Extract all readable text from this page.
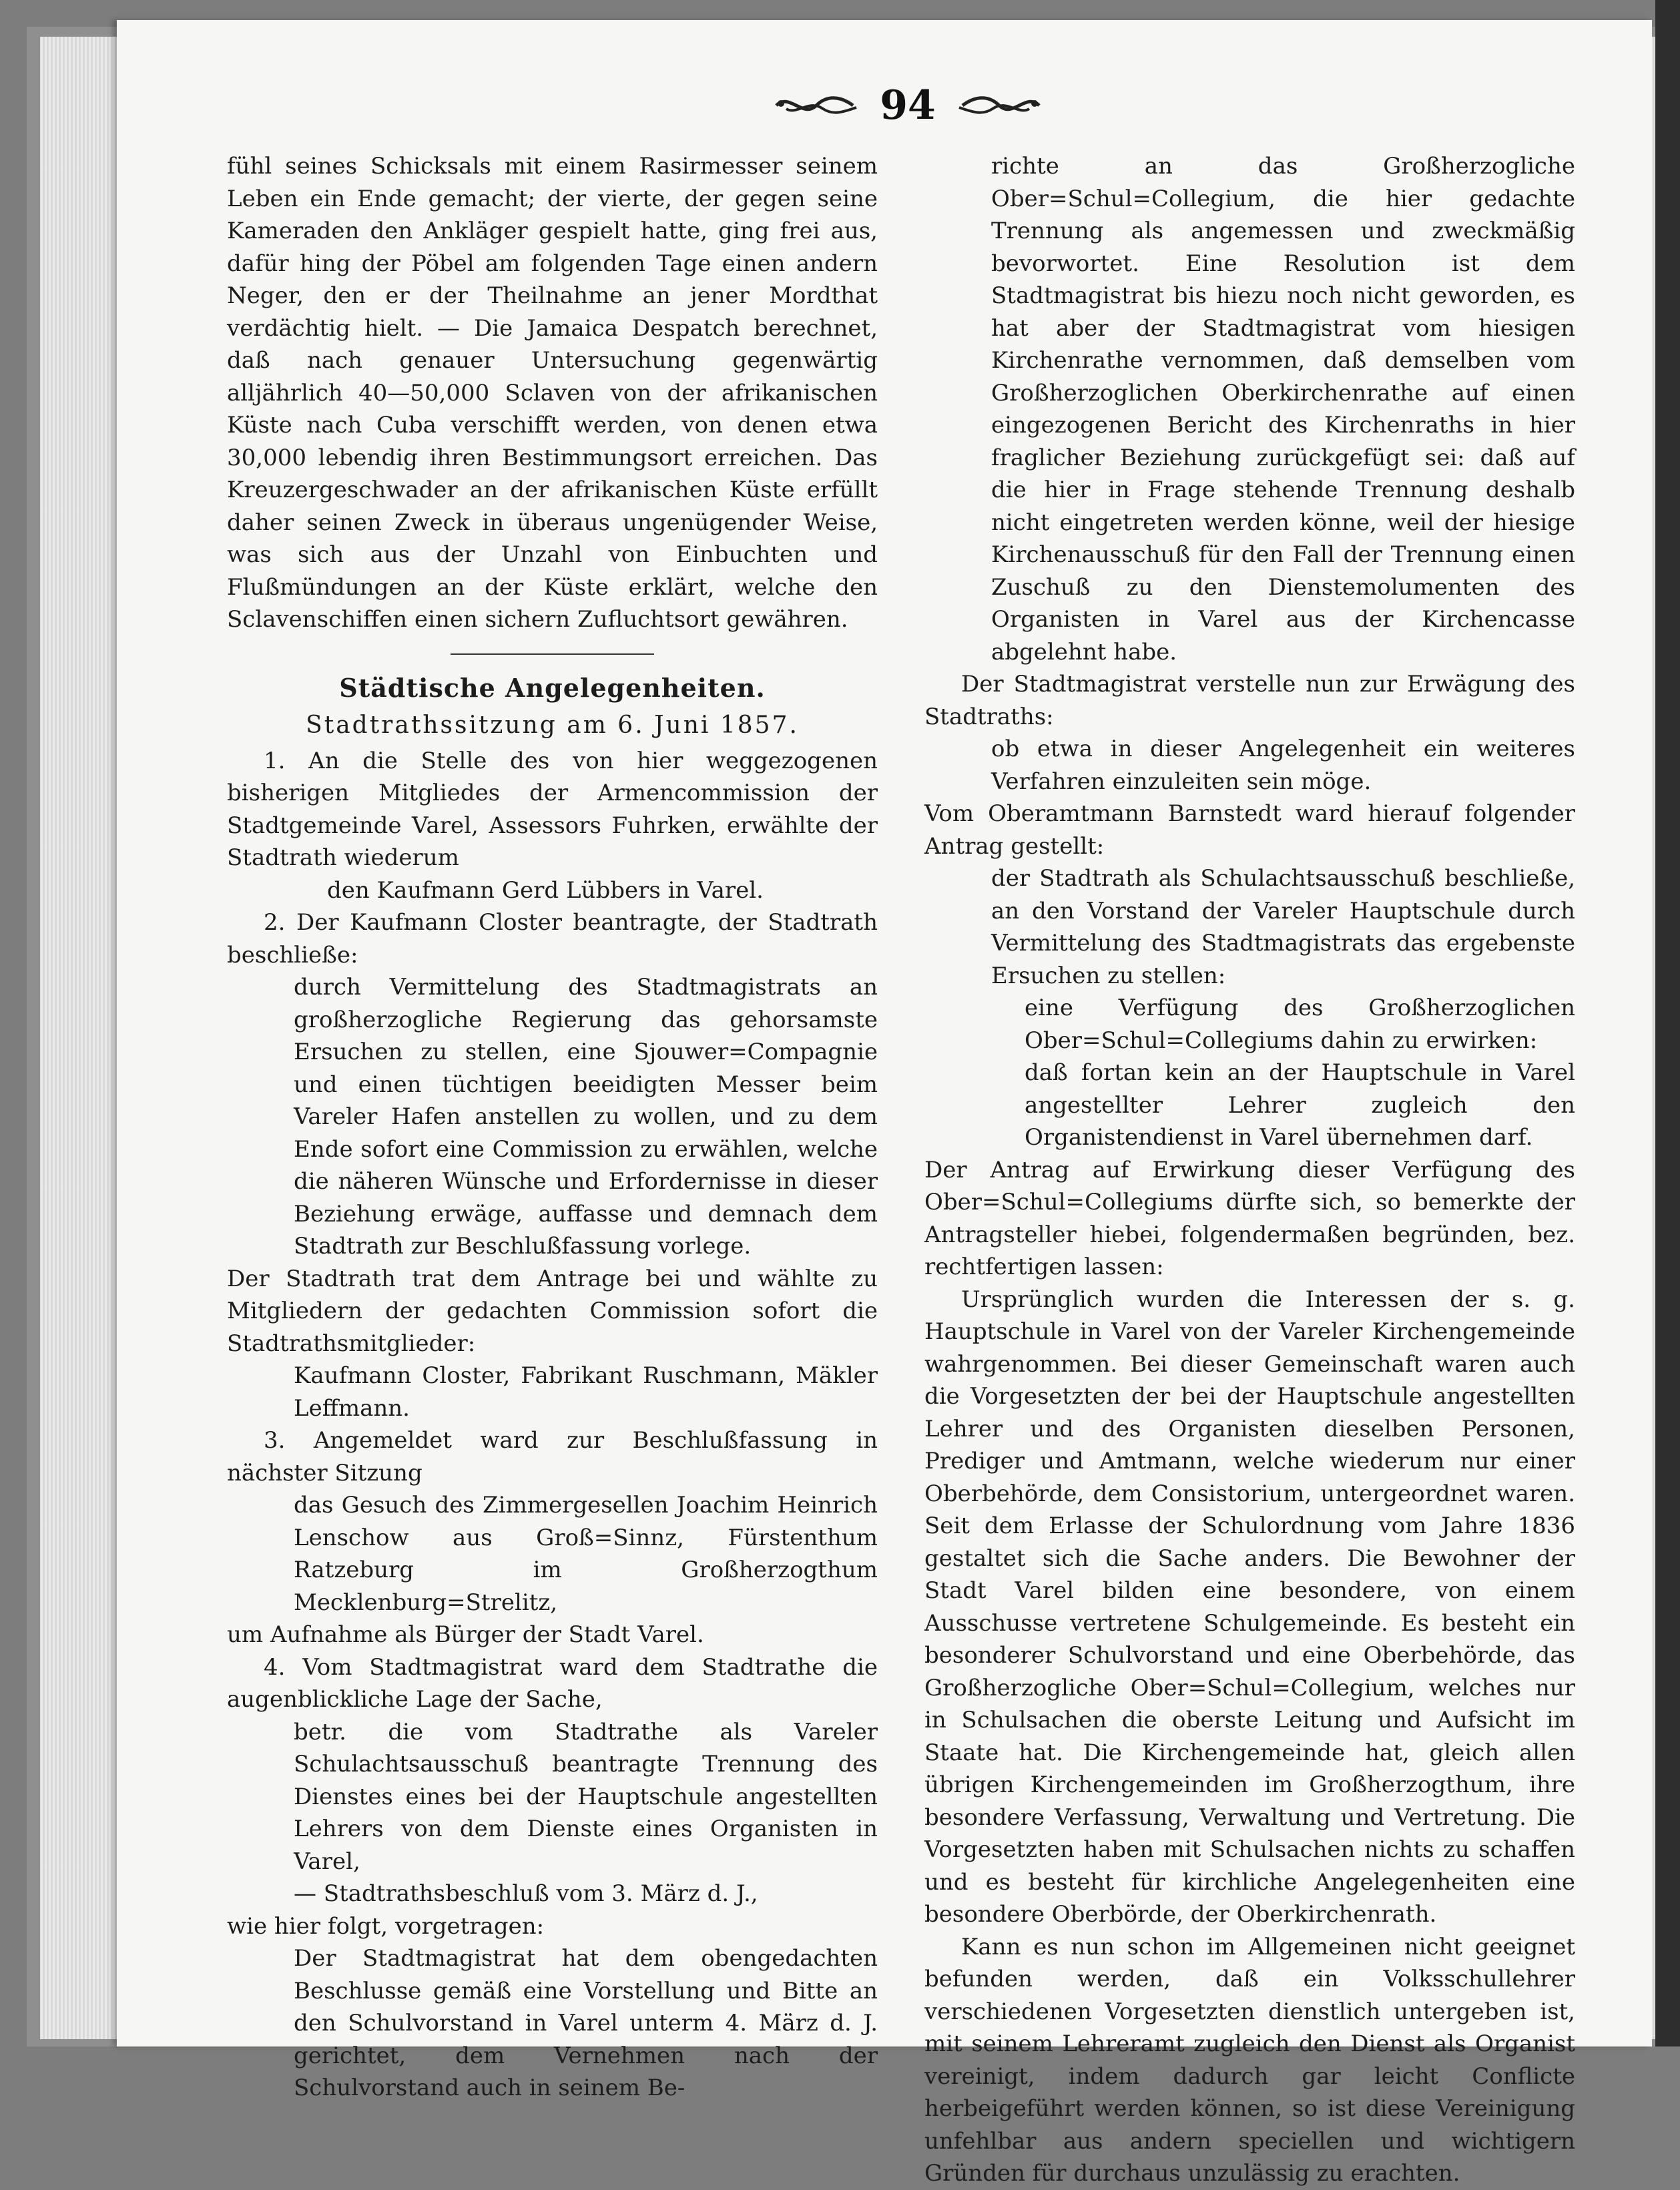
94

fühl seines Schicksals mit einem Rasirmesser seinem Leben ein Ende gemacht; der vierte, der gegen seine Kameraden den Ankläger gespielt hatte, ging frei aus, dafür hing der Pöbel am folgenden Tage einen andern Neger, den er der Theilnahme an jener Mordthat verdächtig hielt. — Die Jamaica Despatch berechnet, daß nach genauer Untersuchung gegenwärtig alljährlich 40—50,000 Sclaven von der afrikanischen Küste nach Cuba verschifft werden, von denen etwa 30,000 lebendig ihren Bestimmungsort erreichen. Das Kreuzergeschwader an der afrikanischen Küste erfüllt daher seinen Zweck in überaus ungenügender Weise, was sich aus der Unzahl von Einbuchten und Flußmündungen an der Küste erklärt, welche den Sclavenschiffen einen sichern Zufluchtsort gewähren.

Städtische Angelegenheiten.
Stadtrathssitzung am 6. Juni 1857.

1. An die Stelle des von hier weggezogenen bisherigen Mitgliedes der Armencommission der Stadtgemeinde Varel, Assessors Fuhrken, erwählte der Stadtrath wiederum

den Kaufmann Gerd Lübbers in Varel.

2. Der Kaufmann Closter beantragte, der Stadtrath beschließe:

durch Vermittelung des Stadtmagistrats an großherzogliche Regierung das gehorsamste Ersuchen zu stellen, eine Sjouwer=Compagnie und einen tüchtigen beeidigten Messer beim Vareler Hafen anstellen zu wollen, und zu dem Ende sofort eine Commission zu erwählen, welche die näheren Wünsche und Erfordernisse in dieser Beziehung erwäge, auffasse und demnach dem Stadtrath zur Beschlußfassung vorlege.

Der Stadtrath trat dem Antrage bei und wählte zu Mitgliedern der gedachten Commission sofort die Stadtrathsmitglieder:

Kaufmann Closter, Fabrikant Ruschmann, Mäkler Leffmann.

3. Angemeldet ward zur Beschlußfassung in nächster Sitzung

das Gesuch des Zimmergesellen Joachim Heinrich Lenschow aus Groß=Sinnz, Fürstenthum Ratzeburg im Großherzogthum Mecklenburg=Strelitz,

um Aufnahme als Bürger der Stadt Varel.

4. Vom Stadtmagistrat ward dem Stadtrathe die augenblickliche Lage der Sache,

betr. die vom Stadtrathe als Vareler Schulachtsausschuß beantragte Trennung des Dienstes eines bei der Hauptschule angestellten Lehrers von dem Dienste eines Organisten in Varel,

— Stadtrathsbeschluß vom 3. März d. J.,

wie hier folgt, vorgetragen:

Der Stadtmagistrat hat dem obengedachten Beschlusse gemäß eine Vorstellung und Bitte an den Schulvorstand in Varel unterm 4. März d. J. gerichtet, dem Vernehmen nach der Schulvorstand auch in seinem Be-

richte an das Großherzogliche Ober=Schul=Collegium, die hier gedachte Trennung als angemessen und zweckmäßig bevorwortet. Eine Resolution ist dem Stadtmagistrat bis hiezu noch nicht geworden, es hat aber der Stadtmagistrat vom hiesigen Kirchenrathe vernommen, daß demselben vom Großherzoglichen Oberkirchenrathe auf einen eingezogenen Bericht des Kirchenraths in hier fraglicher Beziehung zurückgefügt sei: daß auf die hier in Frage stehende Trennung deshalb nicht eingetreten werden könne, weil der hiesige Kirchenausschuß für den Fall der Trennung einen Zuschuß zu den Dienstemolumenten des Organisten in Varel aus der Kirchencasse abgelehnt habe.

Der Stadtmagistrat verstelle nun zur Erwägung des Stadtraths:

ob etwa in dieser Angelegenheit ein weiteres Verfahren einzuleiten sein möge.

Vom Oberamtmann Barnstedt ward hierauf folgender Antrag gestellt:

der Stadtrath als Schulachtsausschuß beschließe, an den Vorstand der Vareler Hauptschule durch Vermittelung des Stadtmagistrats das ergebenste Ersuchen zu stellen:

eine Verfügung des Großherzoglichen Ober=Schul=Collegiums dahin zu erwirken:

daß fortan kein an der Hauptschule in Varel angestellter Lehrer zugleich den Organistendienst in Varel übernehmen darf.

Der Antrag auf Erwirkung dieser Verfügung des Ober=Schul=Collegiums dürfte sich, so bemerkte der Antragsteller hiebei, folgendermaßen begründen, bez. rechtfertigen lassen:

Ursprünglich wurden die Interessen der s. g. Hauptschule in Varel von der Vareler Kirchengemeinde wahrgenommen. Bei dieser Gemeinschaft waren auch die Vorgesetzten der bei der Hauptschule angestellten Lehrer und des Organisten dieselben Personen, Prediger und Amtmann, welche wiederum nur einer Oberbehörde, dem Consistorium, untergeordnet waren. Seit dem Erlasse der Schulordnung vom Jahre 1836 gestaltet sich die Sache anders. Die Bewohner der Stadt Varel bilden eine besondere, von einem Ausschusse vertretene Schulgemeinde. Es besteht ein besonderer Schulvorstand und eine Oberbehörde, das Großherzogliche Ober=Schul=Collegium, welches nur in Schulsachen die oberste Leitung und Aufsicht im Staate hat. Die Kirchengemeinde hat, gleich allen übrigen Kirchengemeinden im Großherzogthum, ihre besondere Verfassung, Verwaltung und Vertretung. Die Vorgesetzten haben mit Schulsachen nichts zu schaffen und es besteht für kirchliche Angelegenheiten eine besondere Oberbörde, der Oberkirchenrath.

Kann es nun schon im Allgemeinen nicht geeignet befunden werden, daß ein Volksschullehrer verschiedenen Vorgesetzten dienstlich untergeben ist, mit seinem Lehreramt zugleich den Dienst als Organist vereinigt, indem dadurch gar leicht Conflicte herbeigeführt werden können, so ist diese Vereinigung unfehlbar aus andern speciellen und wichtigern Gründen für durchaus unzulässig zu erachten.
